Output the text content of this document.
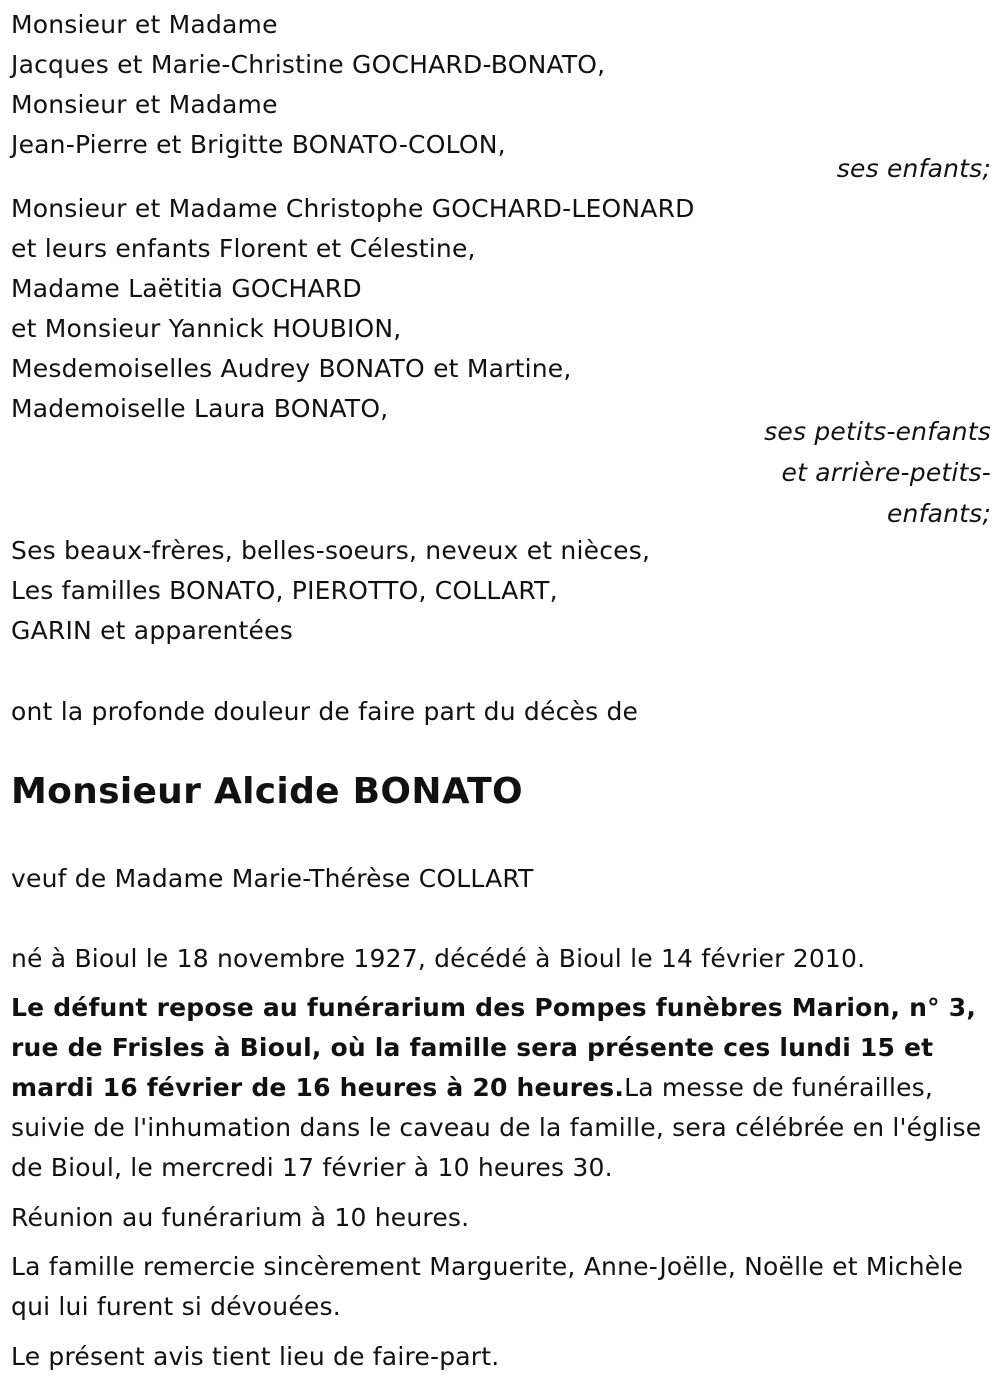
Monsieur et Madame
Jacques et Marie-Christine GOCHARD-BONATO,
Monsieur et Madame
Jean-Pierre et Brigitte BONATO-COLON,
ses enfants;
Monsieur et Madame Christophe GOCHARD-LEONARD
et leurs enfants Florent et Célestine,
Madame Laëtitia GOCHARD
et Monsieur Yannick HOUBION,
Mesdemoiselles Audrey BONATO et Martine,
Mademoiselle Laura BONATO,
ses petits-enfants
et arrière-petits-
enfants;
Ses beaux-frères, belles-soeurs, neveux et nièces,
Les familles BONATO, PIEROTTO, COLLART,
GARIN et apparentées
ont la profonde douleur de faire part du décès de
Monsieur Alcide BONATO
veuf de Madame Marie-Thérèse COLLART
né à Bioul le 18 novembre 1927, décédé à Bioul le 14 février 2010.
Le défunt repose au funérarium des Pompes funèbres Marion, n° 3, rue de Frisles à Bioul, où la famille sera présente ces lundi 15 et mardi 16 février de 16 heures à 20 heures.La messe de funérailles, suivie de l'inhumation dans le caveau de la famille, sera célébrée en l'église de Bioul, le mercredi 17 février à 10 heures 30.
Réunion au funérarium à 10 heures.
La famille remercie sincèrement Marguerite, Anne-Joëlle, Noëlle et Michèle qui lui furent si dévouées.
Le présent avis tient lieu de faire-part.
